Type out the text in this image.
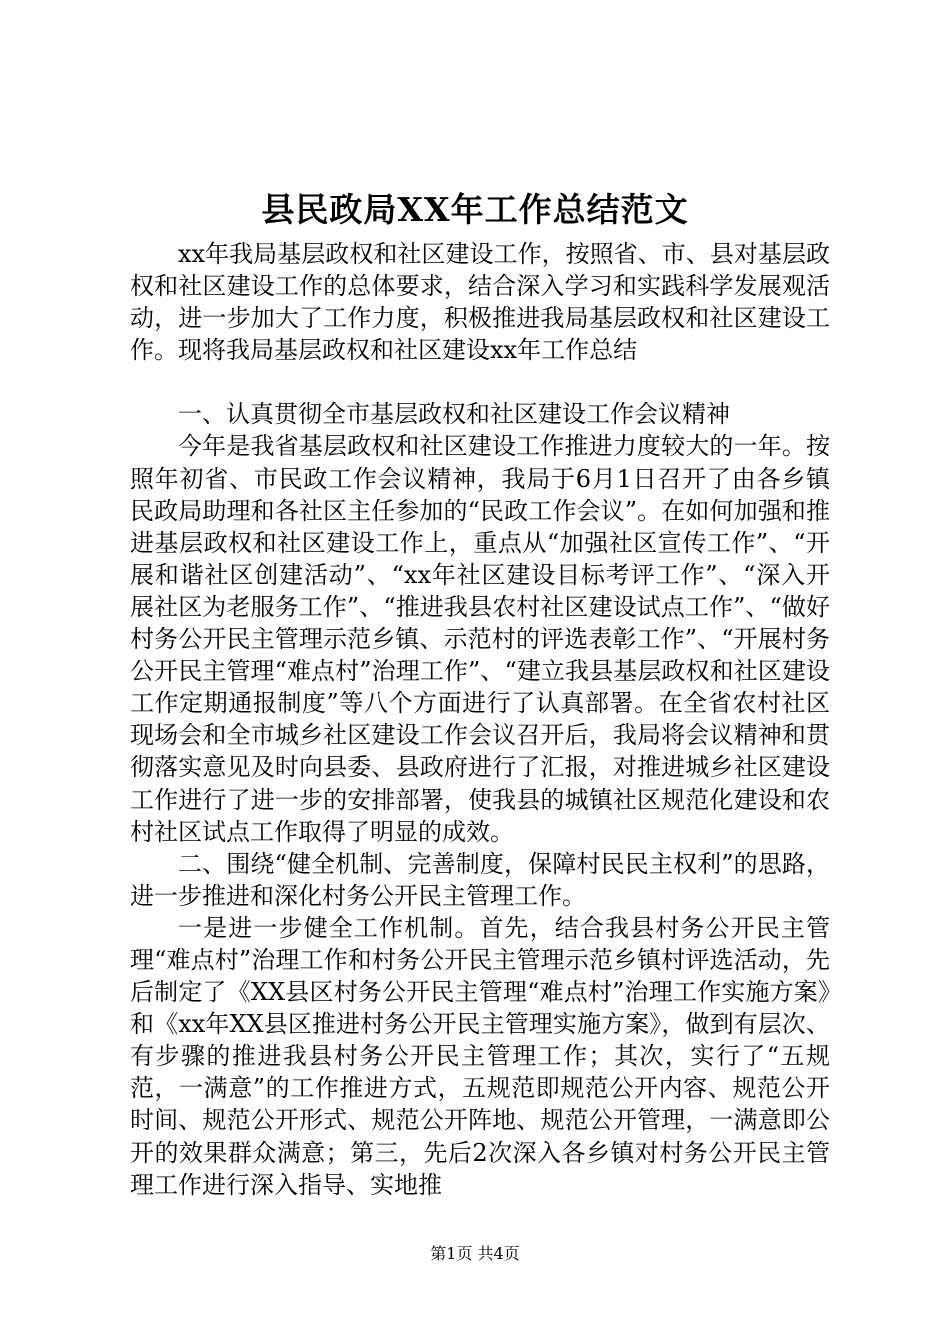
县民政局XX年工作总结范文

xx年我局基层政权和社区建设工作，按照省、市、县对基层政权和社区建设工作的总体要求，结合深入学习和实践科学发展观活动，进一步加大了工作力度，积极推进我局基层政权和社区建设工作。现将我局基层政权和社区建设xx年工作总结

一、认真贯彻全市基层政权和社区建设工作会议精神

今年是我省基层政权和社区建设工作推进力度较大的一年。按照年初省、市民政工作会议精神，我局于6月1日召开了由各乡镇民政局助理和各社区主任参加的“民政工作会议”。在如何加强和推进基层政权和社区建设工作上，重点从“加强社区宣传工作”、“开展和谐社区创建活动”、“xx年社区建设目标考评工作”、“深入开展社区为老服务工作”、“推进我县农村社区建设试点工作”、“做好村务公开民主管理示范乡镇、示范村的评选表彰工作”、“开展村务公开民主管理“难点村”治理工作”、“建立我县基层政权和社区建设工作定期通报制度”等八个方面进行了认真部署。在全省农村社区现场会和全市城乡社区建设工作会议召开后，我局将会议精神和贯彻落实意见及时向县委、县政府进行了汇报，对推进城乡社区建设工作进行了进一步的安排部署，使我县的城镇社区规范化建设和农村社区试点工作取得了明显的成效。

二、围绕“健全机制、完善制度，保障村民民主权利”的思路，进一步推进和深化村务公开民主管理工作。

一是进一步健全工作机制。首先，结合我县村务公开民主管理“难点村”治理工作和村务公开民主管理示范乡镇村评选活动，先后制定了《XX县区村务公开民主管理“难点村”治理工作实施方案》和《xx年XX县区推进村务公开民主管理实施方案》，做到有层次、有步骤的推进我县村务公开民主管理工作；其次，实行了“五规范，一满意”的工作推进方式，五规范即规范公开内容、规范公开时间、规范公开形式、规范公开阵地、规范公开管理，一满意即公开的效果群众满意；第三，先后2次深入各乡镇对村务公开民主管理工作进行深入指导、实地推

第1页 共4页
